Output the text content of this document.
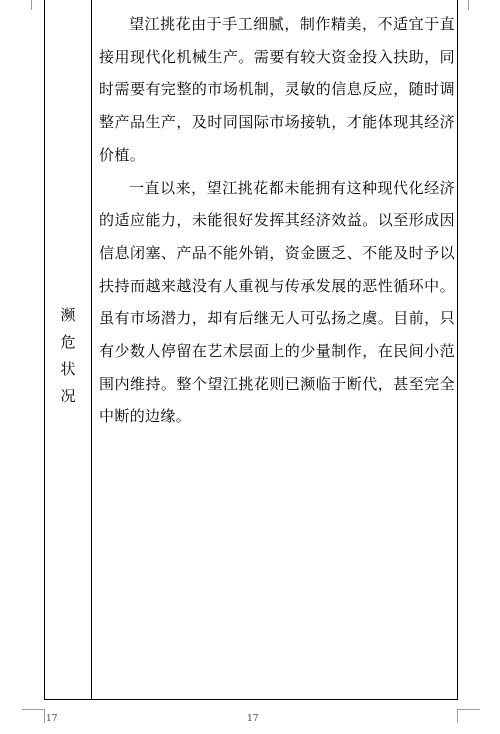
濒
危
状
况

望江挑花由于手工细腻，制作精美，不适宜于直接用现代化机械生产。需要有较大资金投入扶助，同时需要有完整的市场机制，灵敏的信息反应，随时调整产品生产，及时同国际市场接轨，才能体现其经济价植。

一直以来，望江挑花都未能拥有这种现代化经济的适应能力，未能很好发挥其经济效益。以至形成因信息闭塞、产品不能外销，资金匮乏、不能及时予以扶持而越来越没有人重视与传承发展的恶性循环中。虽有市场潜力，却有后继无人可弘扬之虞。目前，只有少数人停留在艺术层面上的少量制作，在民间小范围内维持。整个望江挑花则已濒临于断代，甚至完全中断的边缘。

17	17
